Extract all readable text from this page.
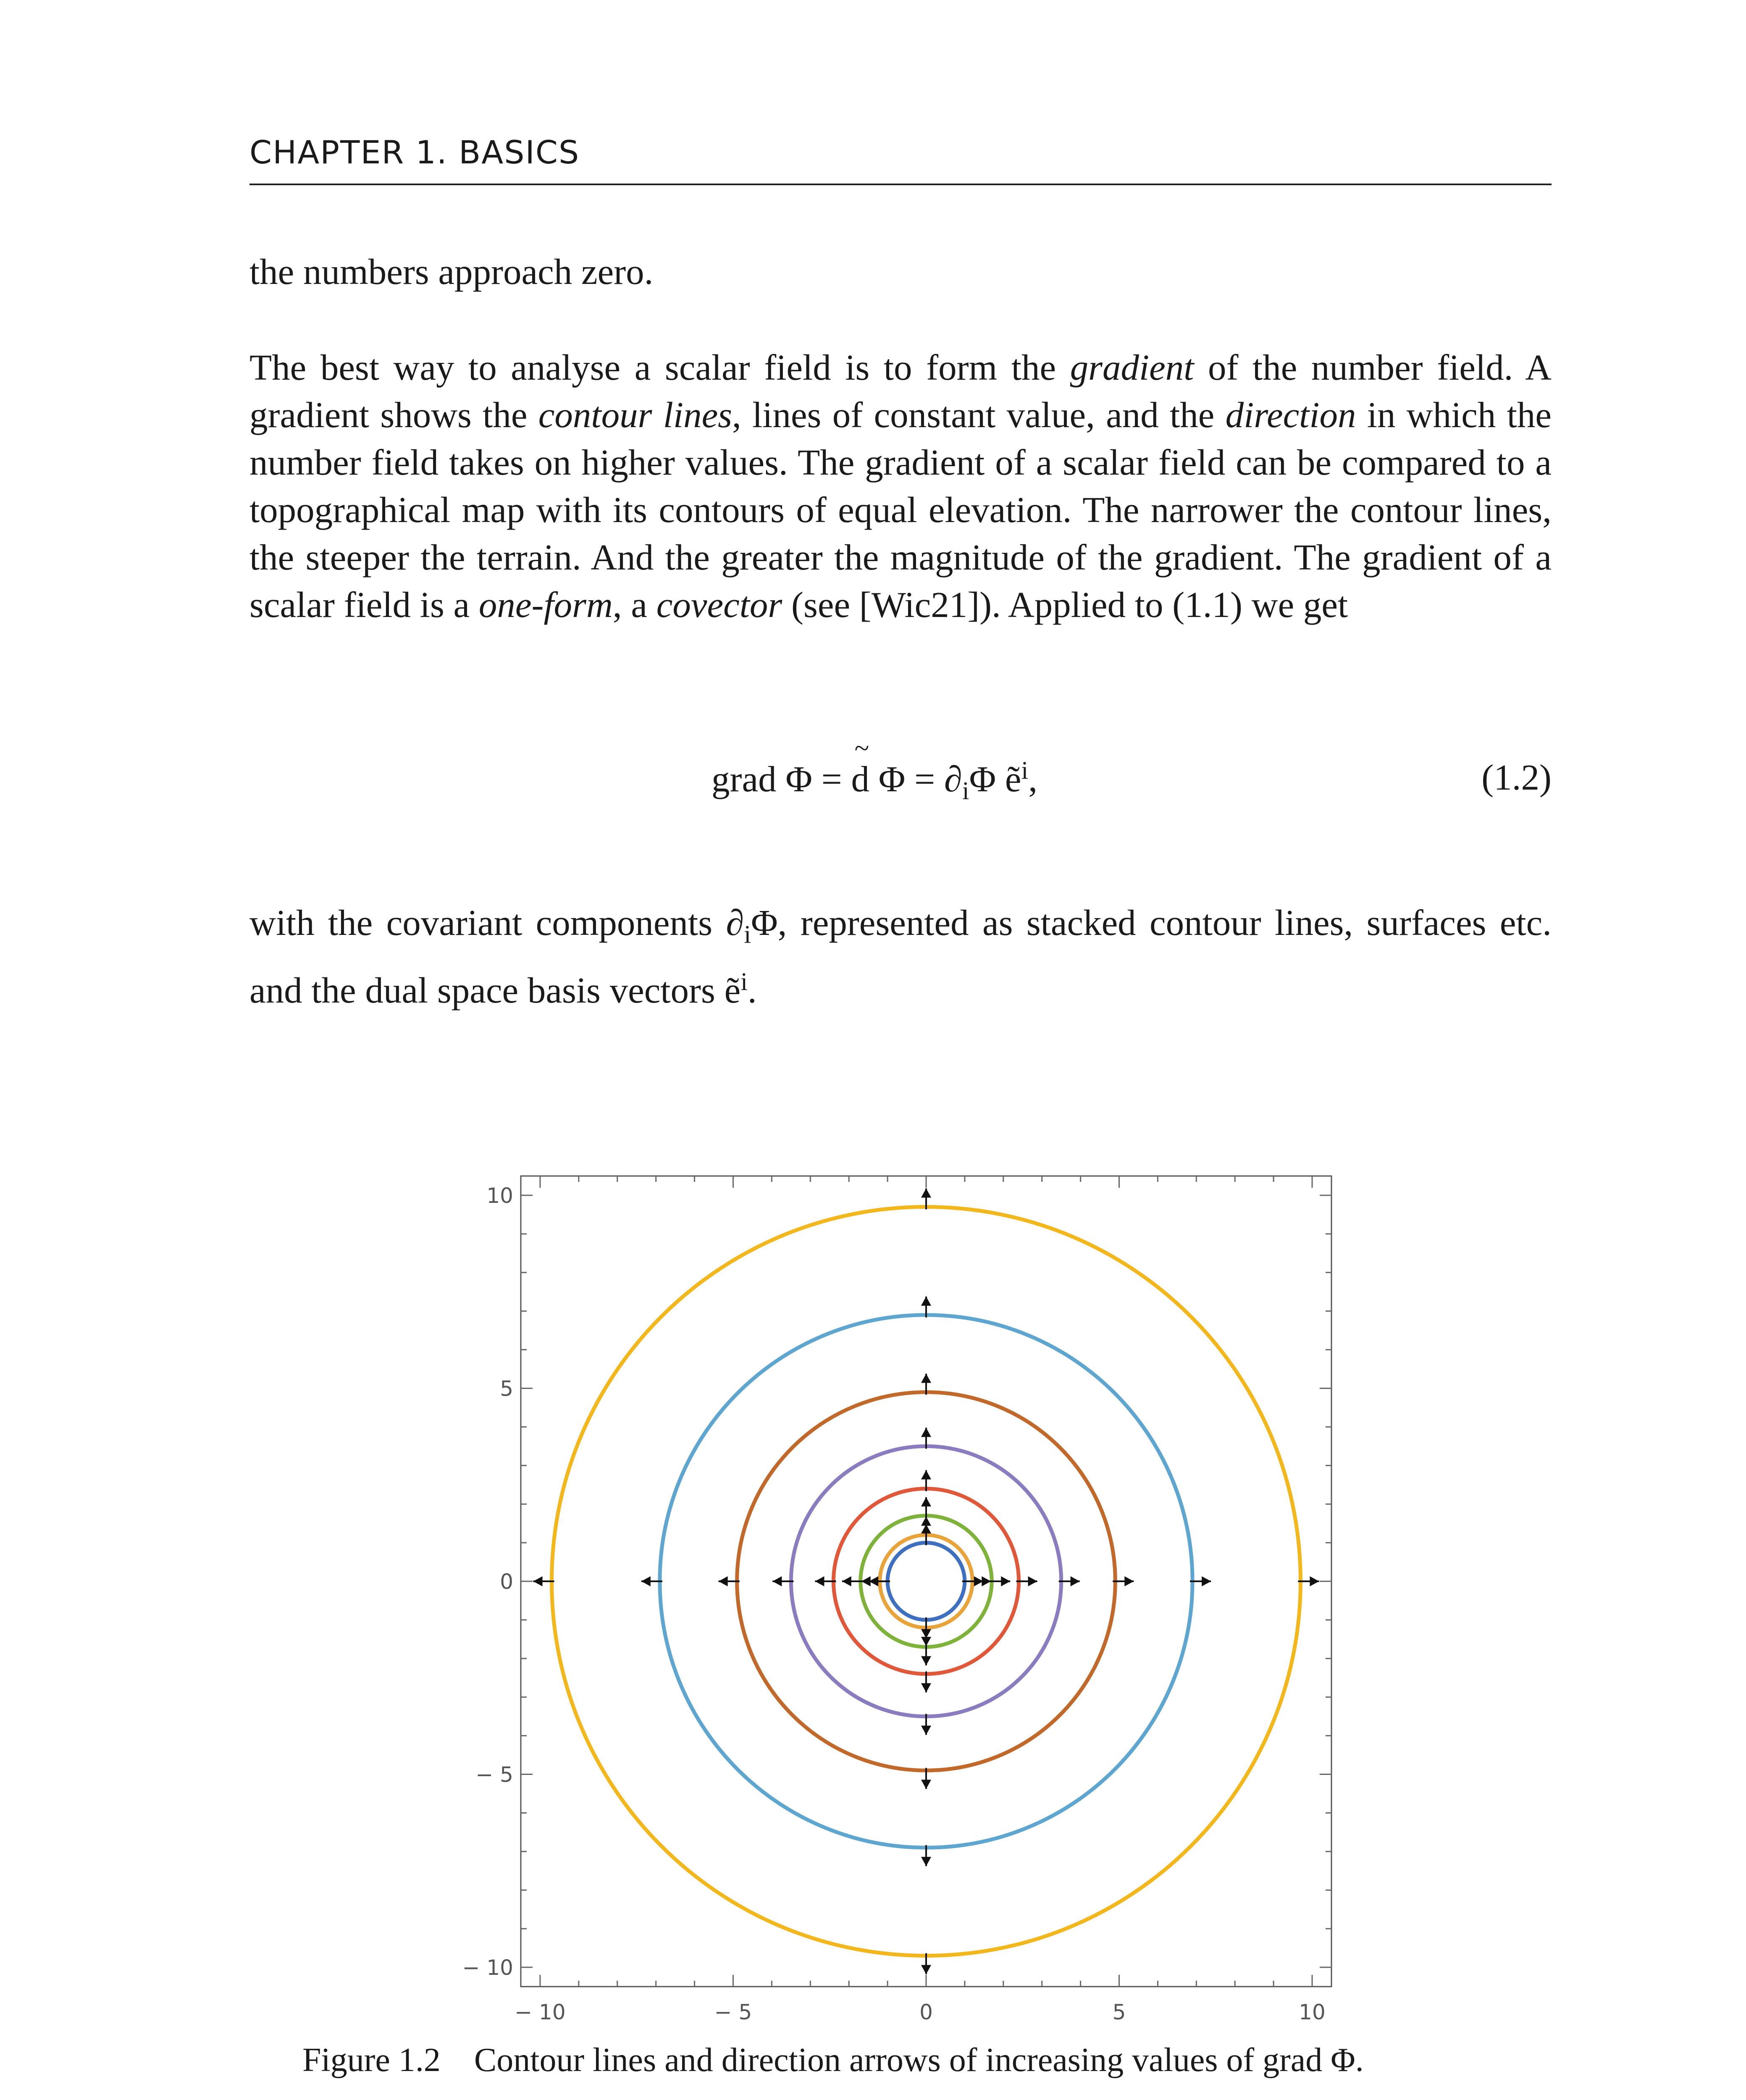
CHAPTER 1. BASICS
the numbers approach zero.
The best way to analyse a scalar field is to form the gradient of the number field. A gradient shows the contour lines, lines of constant value, and the direction in which the number field takes on higher values. The gradient of a scalar field can be compared to a topographical map with its contours of equal elevation. The narrower the contour lines, the steeper the terrain. And the greater the magnitude of the gradient. The gradient of a scalar field is a one-form, a covector (see [Wic21]). Applied to (1.1) we get
grad Φ = ~ d $\Phi = \partial_i\Phi$ ẽ$^i$,	(1.2)
with the covariant components $\partial_i\Phi$, represented as stacked contour lines, surfaces etc. and the dual space basis vectors ẽ$^i$.
− 10	− 5	0	5	10
− 10
− 5
0
5
10
Figure 1.2 Contour lines and direction arrows of increasing values of grad Φ.
